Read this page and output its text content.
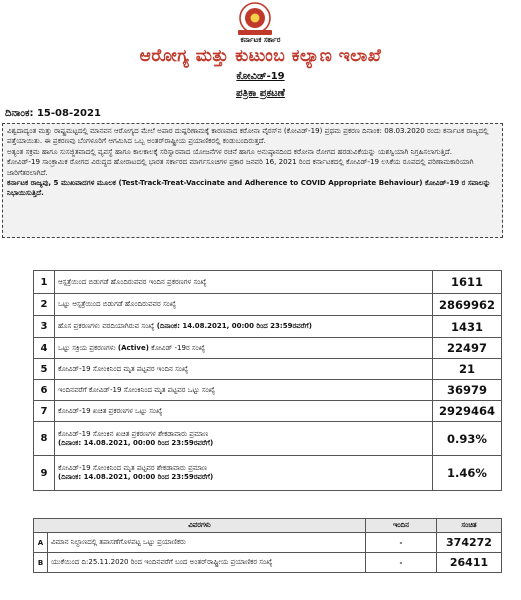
ಕರ್ನಾಟಕ ಸರ್ಕಾರ
ಆರೋಗ್ಯ ಮತ್ತು ಕುಟುಂಬ ಕಲ್ಯಾಣ ಇಲಾಖೆ
ಕೋವಿಡ್-19
ಪತ್ರಿಕಾ ಪ್ರಕಟಣೆ
ದಿನಾಂಕ: 15-08-2021

ವಿಶ್ವದಾದ್ಯಂತ ಮತ್ತು ರಾಷ್ಟ್ರಮಟ್ಟದಲ್ಲಿ ಮಾನವನ ಆರೋಗ್ಯದ ಮೇಲೆ ಅಪಾರ ದುಷ್ಪರಿಣಾಮಕ್ಕೆ ಕಾರಣವಾದ ಕರೋನಾ ವೈರಸ್‌ನ (ಕೋವಿಡ್-19) ಪ್ರಥಮ ಪ್ರಕರಣ ದಿನಾಂಕ: 08.03.2020 ರಂದು ಕರ್ನಾಟಕ ರಾಜ್ಯದಲ್ಲಿ ಪತ್ತೆಯಾಯಿತು. ಈ ಪ್ರಕರಣವು ಬೆಂಗಳೂರಿಗೆ ಆಗಮಿಸಿದ ಒಬ್ಬ ಅಂತರ್‌ರಾಷ್ಟ್ರೀಯ ಪ್ರಯಾಣಿಕರಲ್ಲಿ ಕಂಡುಬಂದಿರುತ್ತದೆ.

ಅತ್ಯಂತ ಸಕ್ರಮ ಹಾಗೂ ಸುಸಜ್ಜಿತವಾದಲ್ಲಿ ವ್ಯವಸ್ಥೆ ಹಾಗೂ ಕಾಲಕಾಲಕ್ಕೆ ಸರಿಸ್ವಾರವಾದ ಯೋಜನೆಗಳ ರಚನೆ ಹಾಗೂ ಅನುಷ್ಠಾನದಿಂದ ಕರೋನಾ ರೋಗದ ಹರಡುವಿಕೆಯನ್ನು ಯಶಸ್ವಿಯಾಗಿ ನಿಗ್ರಹಿಸಲಾಗುತ್ತಿದೆ.

ಕೋವಿಡ್-19 ಸಾಂಕ್ರಾಮಿಕ ರೋಗದ ವಿರುದ್ಧದ ಹೋರಾಟದಲ್ಲಿ ಭಾರತ ಸರ್ಕಾರದ ಮಾರ್ಗಸೂಚಿಗಳ ಪ್ರಕಾರ ಜನವರಿ 16, 2021 ರಿಂದ ಕರ್ನಾಟಕದಲ್ಲಿ ಕೋವಿಡ್-19 ಲಸಿಕೆಯ ರೂಪದಲ್ಲಿ ಪರಿಣಾಮಕಾರಿಯಾಗಿ ಜಾರಿಗೆತರಲಾಗಿದೆ.

ಕರ್ನಾಟಕ ರಾಜ್ಯವು, 5 ಮುಖವಾದಗಳ ಮೂಲಕ (Test-Track-Treat-Vaccinate and Adherence to COVID Appropriate Behaviour) ಕೋವಿಡ್-19 ರ ಸವಾಲನ್ನು ನಿಭಾಯಿಸುತ್ತಿದೆ.

1	ಆಸ್ಪತ್ರೆಯಿಂದ ಬಿಡುಗಡೆ ಹೊಂದಿರುವವರ ಇಂದಿನ ಪ್ರಕರಣಗಳ ಸಂಖ್ಯೆ	1611
2	ಒಟ್ಟು ಆಸ್ಪತ್ರೆಯಿಂದ ಬಿಡುಗಡೆ ಹೊಂದಿರುವವರ ಸಂಖ್ಯೆ	2869962
3	ಹೊಸ ಪ್ರಕರಣಗಳು ವರದಿಯಾಗಿರುವ ಸಂಖ್ಯೆ (ದಿನಾಂಕ: 14.08.2021, 00:00 ರಿಂದ 23:59ರವರೆಗೆ)	1431
4	ಒಟ್ಟು ಸಕ್ರಿಯ ಪ್ರಕರಣಗಳು (Active) ಕೋವಿಡ್ -19ರ ಸಂಖ್ಯೆ	22497
5	ಕೋವಿಡ್-19 ಸೋಂಕಿನಿಂದ ಮೃತ ಪಟ್ಟವರ ಇಂದಿನ ಸಂಖ್ಯೆ	21
6	ಇಂದಿನವರೆಗೆ ಕೋವಿಡ್-19 ಸೋಂಕಿನಿಂದ ಮೃತ ಪಟ್ಟವರ ಒಟ್ಟು ಸಂಖ್ಯೆ	36979
7	ಕೋವಿಡ್-19 ಖಚಿತ ಪ್ರಕರಣಗಳ ಒಟ್ಟು ಸಂಖ್ಯೆ	2929464
8	ಕೋವಿಡ್-19 ಸೋಂಕಿನ ಖಚಿತ ಪ್ರಕರಣಗಳ ಶೇಕಡಾವಾರು ಪ್ರಮಾಣ
(ದಿನಾಂಕ: 14.08.2021, 00:00 ರಿಂದ 23:59ರವರೆಗೆ)	0.93%
9	ಕೋವಿಡ್-19 ಸೋಂಕಿನಿಂದ ಮೃತ ಪಟ್ಟವರ ಶೇಕಡಾವಾರು ಪ್ರಮಾಣ
(ದಿನಾಂಕ: 14.08.2021, 00:00 ರಿಂದ 23:59ರವರೆಗೆ)	1.46%
ವಿವರಗಳು		ಇಂದಿನ	ಸಂಚಿತ
A	ವಿಮಾನ ನಿಲ್ದಾಣದಲ್ಲಿ ತಪಾಸಣೆಗೊಳಪಟ್ಟ ಒಟ್ಟು ಪ್ರಯಾಣಿಕರು	-	374272
B	ಯುಕೆಯಿಂದ ದಿ:25.11.2020 ರಿಂದ ಇಂದಿನವರೆಗೆ ಬಂದ ಅಂತರ್‌ರಾಷ್ಟ್ರೀಯ ಪ್ರಯಾಣಿಕರ ಸಂಖ್ಯೆ	-	26411
